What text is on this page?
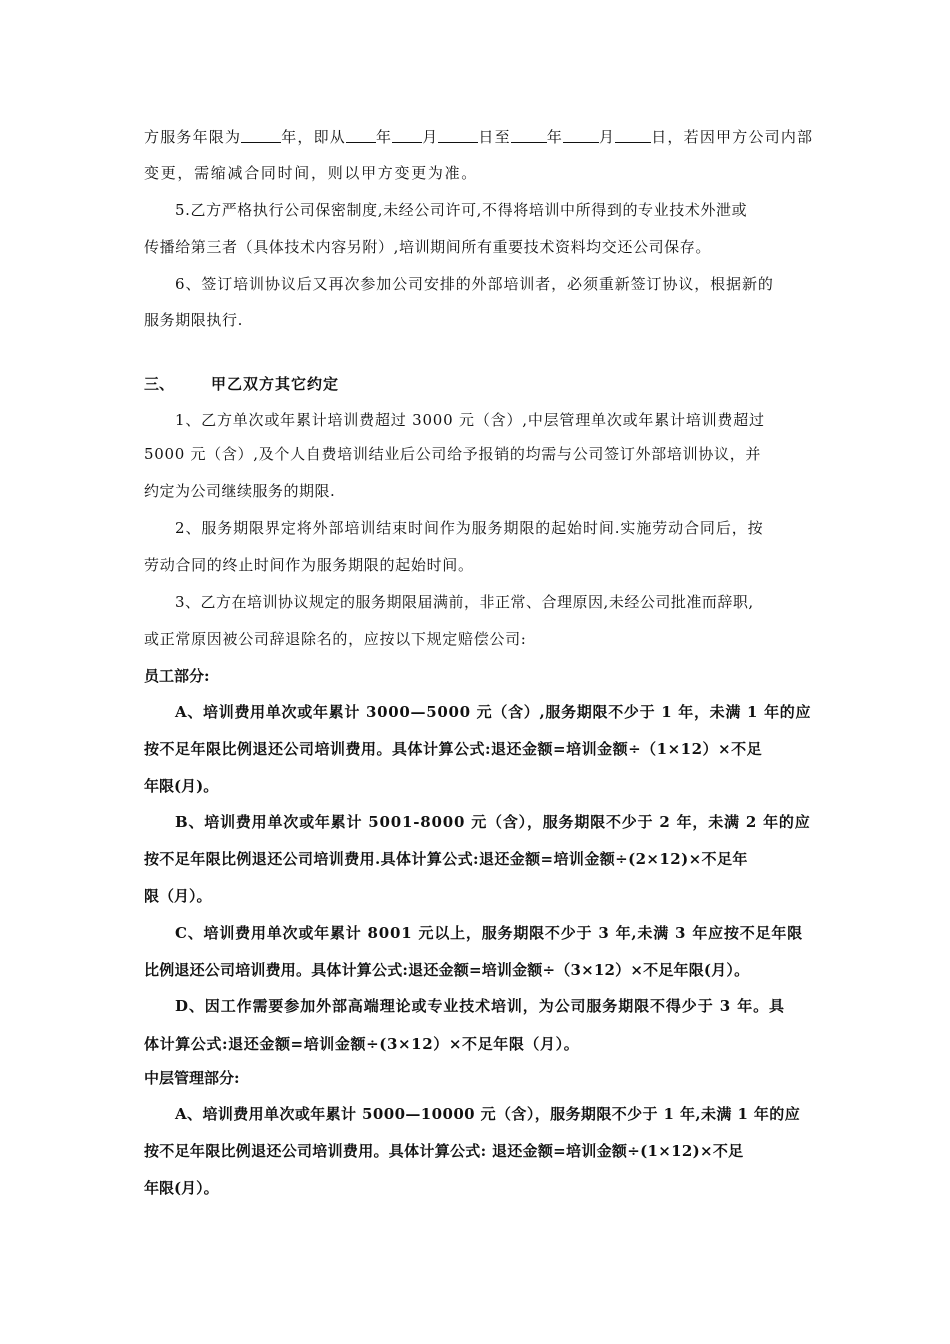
方服务年限为	年，即从 年 月	日至 年 月 日，若因甲方公司内部
变更，需缩减合同时间，则以甲方变更为准。
5.乙方严格执行公司保密制度,未经公司许可,不得将培训中所得到的专业技术外泄或
传播给第三者（具体技术内容另附）,培训期间所有重要技术资料均交还公司保存。
6、签订培训协议后又再次参加公司安排的外部培训者，必须重新签订协议，根据新的
服务期限执行.
三、 甲乙双方其它约定
1、乙方单次或年累计培训费超过 3000 元（含）,中层管理单次或年累计培训费超过
5000 元（含）,及个人自费培训结业后公司给予报销的均需与公司签订外部培训协议，并
约定为公司继续服务的期限.
2、服务期限界定将外部培训结束时间作为服务期限的起始时间.实施劳动合同后，按
劳动合同的终止时间作为服务期限的起始时间。
3、乙方在培训协议规定的服务期限届满前，非正常、合理原因,未经公司批准而辞职,
或正常原因被公司辞退除名的，应按以下规定赔偿公司:
员工部分:
A、培训费用单次或年累计 3000—5000 元（含）,服务期限不少于 1 年，未满 1 年的应
按不足年限比例退还公司培训费用。具体计算公式:退还金额=培训金额÷（1×12）×不足
年限(月)。
B、培训费用单次或年累计 5001-8000 元（含），服务期限不少于 2 年，未满 2 年的应
按不足年限比例退还公司培训费用.具体计算公式:退还金额=培训金额÷(2×12)×不足年
限（月）。
C、培训费用单次或年累计 8001 元以上，服务期限不少于 3 年,未满 3 年应按不足年限
比例退还公司培训费用。具体计算公式:退还金额=培训金额÷（3×12）×不足年限(月）。
D、因工作需要参加外部高端理论或专业技术培训，为公司服务期限不得少于 3 年。具
体计算公式:退还金额=培训金额÷(3×12）×不足年限（月）。
中层管理部分:
A、培训费用单次或年累计 5000—10000 元（含），服务期限不少于 1 年,未满 1 年的应
按不足年限比例退还公司培训费用。具体计算公式: 退还金额=培训金额÷(1×12)×不足
年限(月）。
